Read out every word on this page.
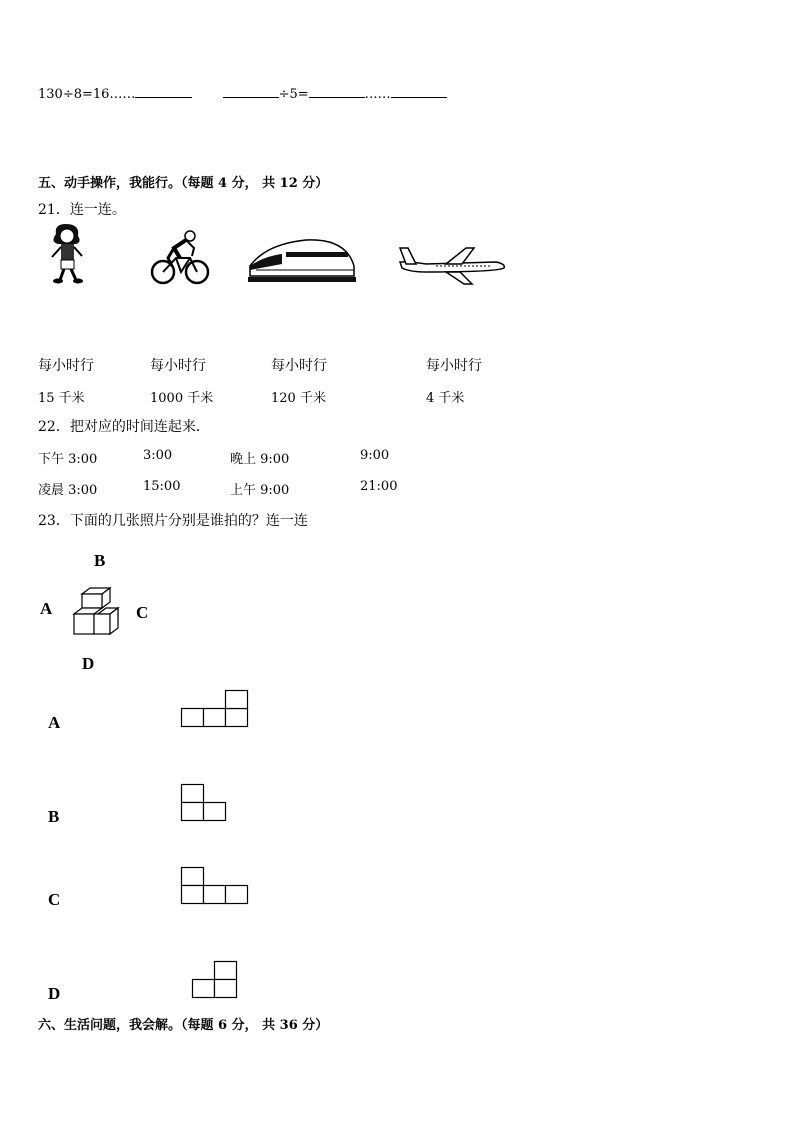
130÷8=16……	÷5=	……
五、动手操作，我能行。（每题 4 分， 共 12 分）
21．连一连。
每小时行	每小时行	每小时行	每小时行
15 千米	1000 千米	120 千米	4 千米
22．把对应的时间连起来．
下午 3:00	3:00	晚上 9:00	9:00
凌晨 3:00	15:00	上午 9:00	21:00
23．下面的几张照片分别是谁拍的？连一连
B
A	C
D
A
B
C
D
六、生活问题，我会解。（每题 6 分， 共 36 分）
